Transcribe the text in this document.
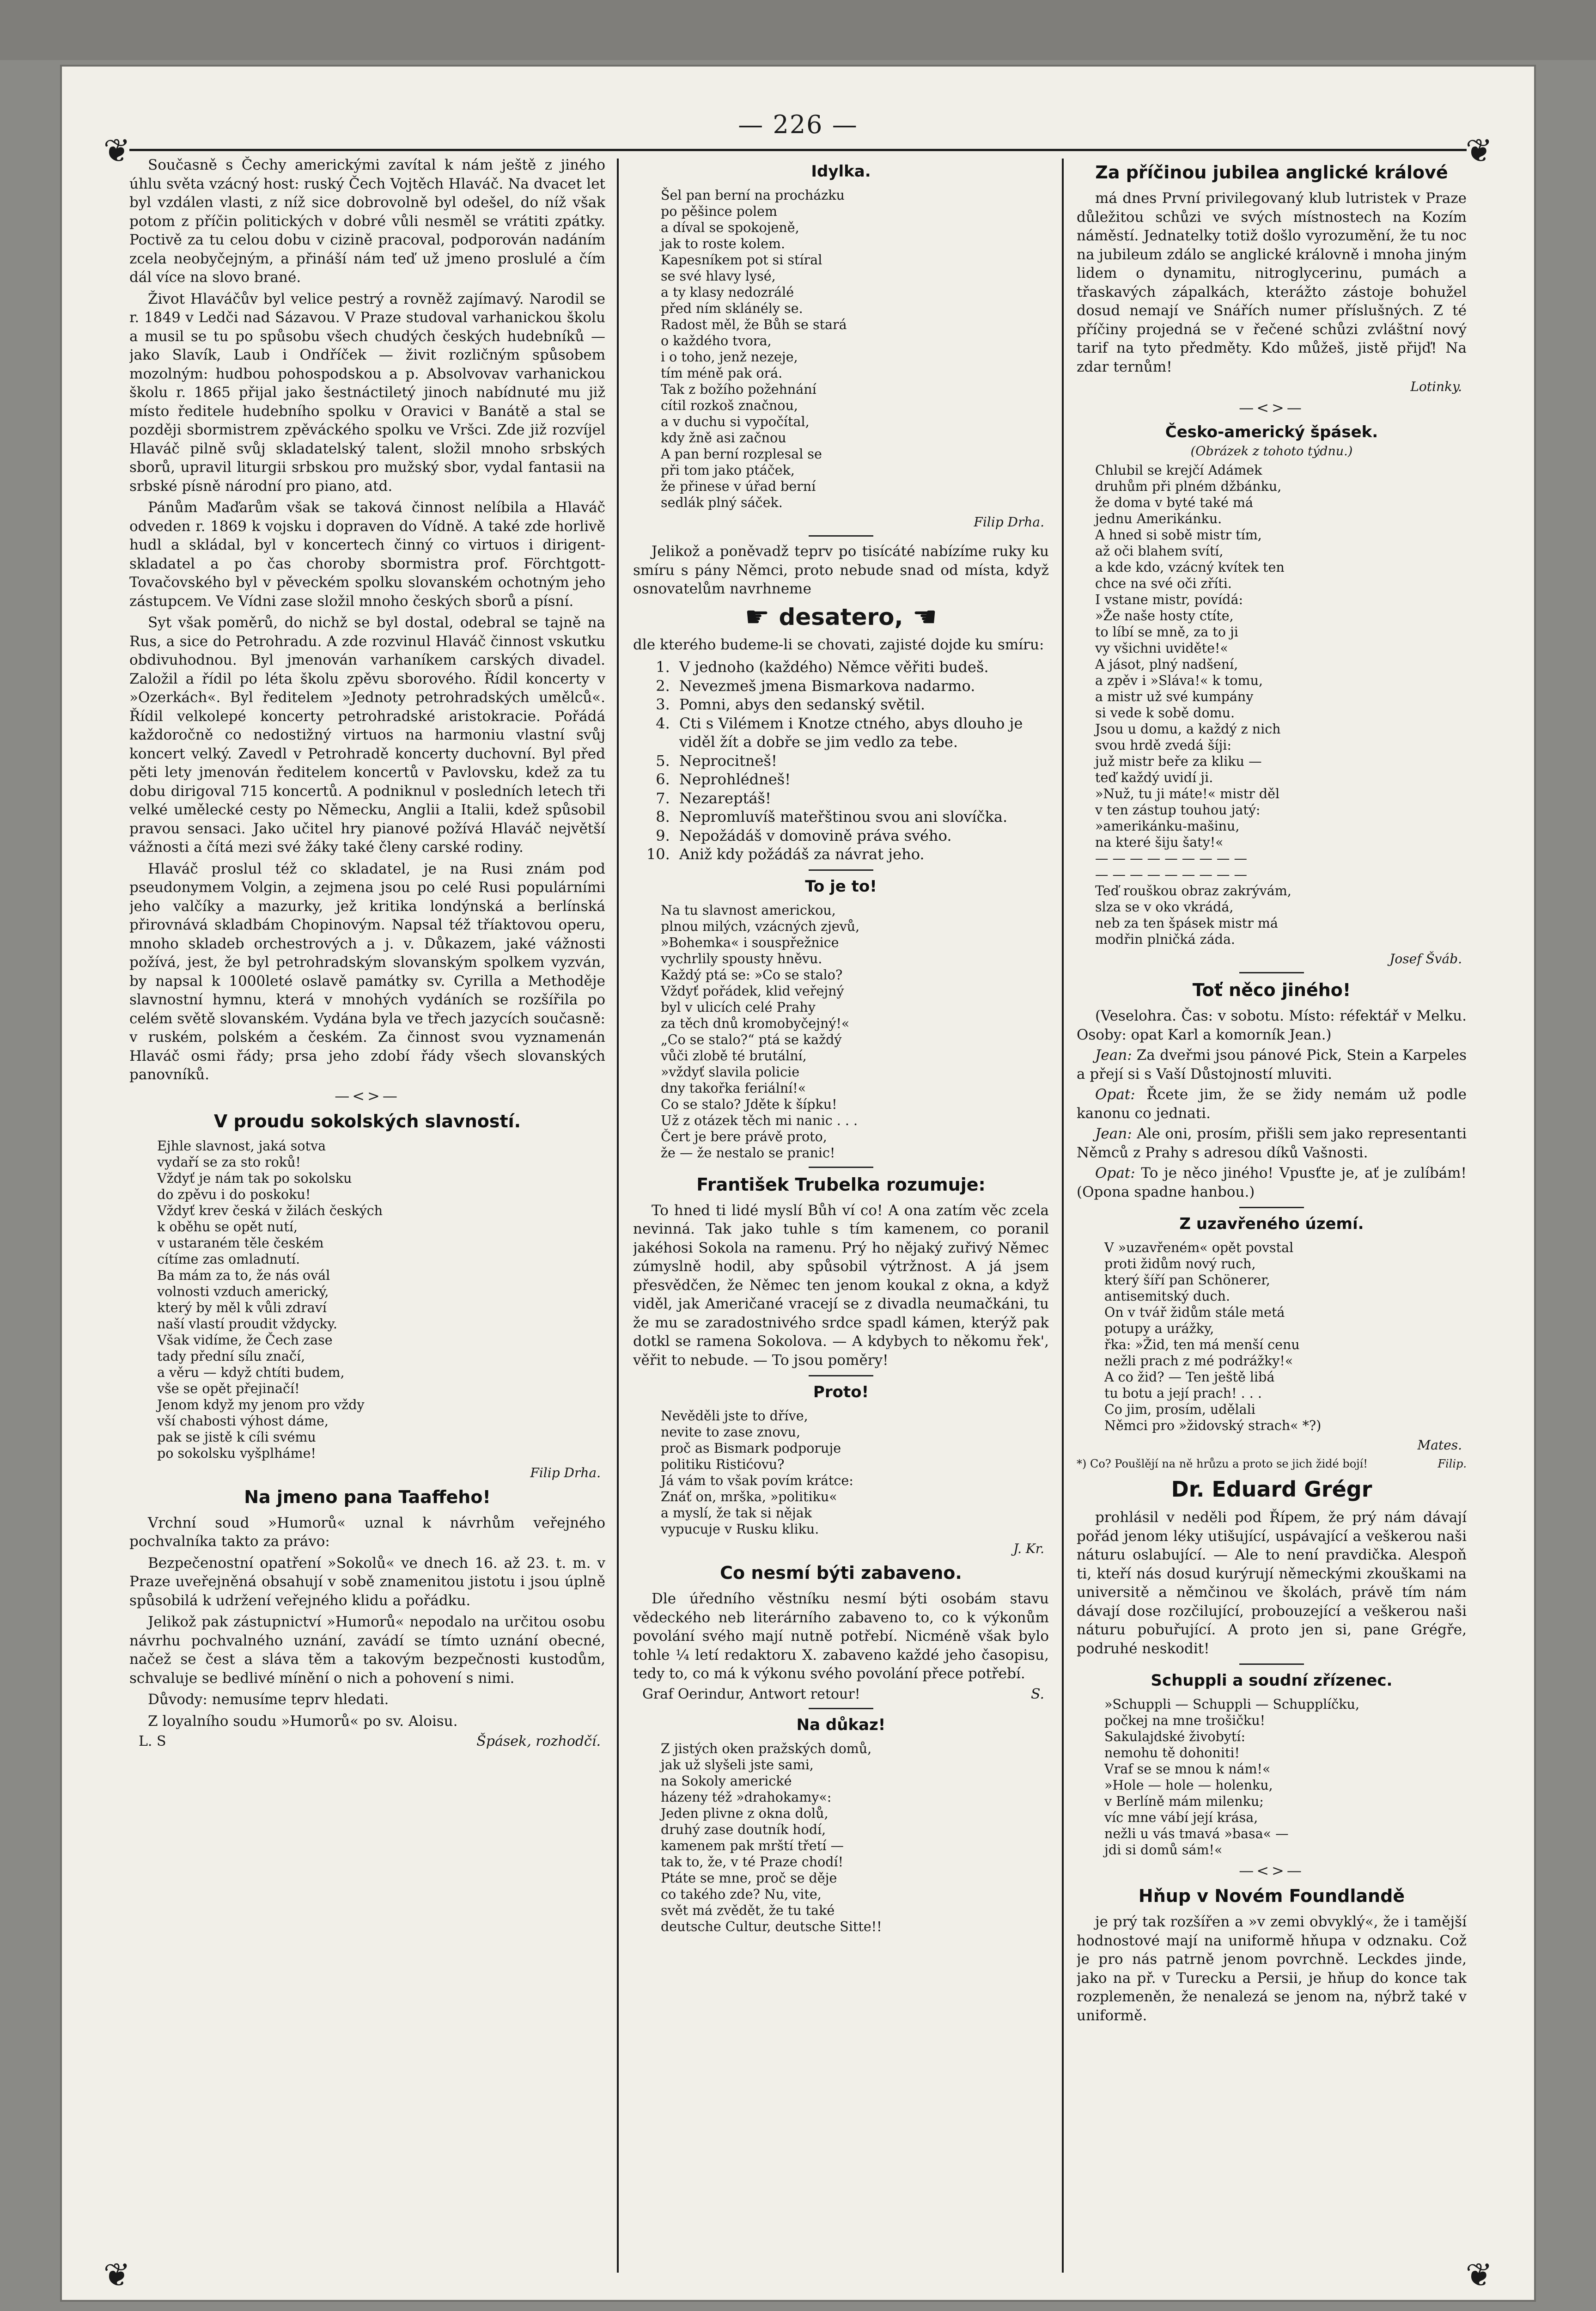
— 226 —
❦	❦
❦	❦

Současně s Čechy americkými zavítal k nám ještě z jiného úhlu světa vzácný host: ruský Čech Vojtěch Hlaváč. Na dvacet let byl vzdálen vlasti, z níž sice dobrovolně byl odešel, do níž však potom z příčin politických v dobré vůli nesměl se vrátiti zpátky. Poctivě za tu celou dobu v cizině pracoval, podporován nadáním zcela neobyčejným, a přináší nám teď už jmeno proslulé a čím dál více na slovo brané.

Život Hlaváčův byl velice pestrý a rovněž zajímavý. Narodil se r. 1849 v Ledči nad Sázavou. V Praze studoval varhanickou školu a musil se tu po spůsobu všech chudých českých hudebníků — jako Slavík, Laub i Ondříček — živit rozličným spůsobem mozolným: hudbou pohospodskou a p. Absolvovav varhanickou školu r. 1865 přijal jako šestnáctiletý jinoch nabídnuté mu již místo ředitele hudebního spolku v Oravici v Banátě a stal se později sbormistrem zpěváckého spolku ve Vršci. Zde již rozvíjel Hlaváč pilně svůj skladatelský talent, složil mnoho srbských sborů, upravil liturgii srbskou pro mužský sbor, vydal fantasii na srbské písně národní pro piano, atd.

Pánům Maďarům však se taková činnost nelíbila a Hlaváč odveden r. 1869 k vojsku i dopraven do Vídně. A také zde horlivě hudl a skládal, byl v koncertech činný co virtuos i dirigent-skladatel a po čas choroby sbormistra prof. Förchtgott-Tovačovského byl v pěveckém spolku slovanském ochotným jeho zástupcem. Ve Vídni zase složil mnoho českých sborů a písní.

Syt však poměrů, do nichž se byl dostal, odebral se tajně na Rus, a sice do Petrohradu. A zde rozvinul Hlaváč činnost vskutku obdivuhodnou. Byl jmenován varhaníkem carských divadel. Založil a řídil po léta školu zpěvu sborového. Řídil koncerty v »Ozerkách«. Byl ředitelem »Jednoty petrohradských umělců«. Řídil velkolepé koncerty petrohradské aristokracie. Pořádá každoročně co nedostižný virtuos na harmoniu vlastní svůj koncert velký. Zavedl v Petrohradě koncerty duchovní. Byl před pěti lety jmenován ředitelem koncertů v Pavlovsku, kdež za tu dobu dirigoval 715 koncertů. A podniknul v posledních letech tři velké umělecké cesty po Německu, Anglii a Italii, kdež spůsobil pravou sensaci. Jako učitel hry pianové požívá Hlaváč největší vážnosti a čítá mezi své žáky také členy carské rodiny.

Hlaváč proslul též co skladatel, je na Rusi znám pod pseudonymem Volgin, a zejmena jsou po celé Rusi populárními jeho valčíky a mazurky, jež kritika londýnská a berlínská přirovnává skladbám Chopinovým. Napsal též tříaktovou operu, mnoho skladeb orchestrových a j. v. Důkazem, jaké vážnosti požívá, jest, že byl petrohradským slovanským spolkem vyzván, by napsal k 1000leté oslavě památky sv. Cyrilla a Methoděje slavnostní hymnu, která v mnohých vydáních se rozšířila po celém světě slovanském. Vydána byla ve třech jazycích současně: v ruském, polském a českém. Za činnost svou vyznamenán Hlaváč osmi řády; prsa jeho zdobí řády všech slovanských panovníků.

—<>—
V proudu sokolských slavností.
Ejhle slavnost, jaká sotva
vydaří se za sto roků!
Vždyť je nám tak po sokolsku
do zpěvu i do poskoku!
Vždyť krev česká v žilách českých
k oběhu se opět nutí,
v ustaraném těle českém
cítíme zas omladnutí.
Ba mám za to, že nás ovál
volnosti vzduch americký,
který by měl k vůli zdraví
naší vlastí proudit vždycky.
Však vidíme, že Čech zase
tady přední sílu značí,
a věru — když chtíti budem,
vše se opět přejinačí!
Jenom když my jenom pro vždy
vší chabosti výhost dáme,
pak se jistě k cíli svému
po sokolsku vyšplháme!
Filip Drha.
Na jmeno pana Taaffeho!

Vrchní soud »Humorů« uznal k návrhům veřejného pochvalníka takto za právo:

Bezpečenostní opatření »Sokolů« ve dnech 16. až 23. t. m. v Praze uveřejněná obsahují v sobě znamenitou jistotu i jsou úplně spůsobilá k udržení veřejného klidu a pořádku.

Jelikož pak zástupnictví »Humorů« nepodalo na určitou osobu návrhu pochvalného uznání, zavádí se tímto uznání obecné, načež se čest a sláva těm a takovým bezpečnosti kustodům, schvaluje se bedlivé mínění o nich a pohovení s nimi.

Důvody: nemusíme teprv hledati.

Z loyalního soudu »Humorů« po sv. Aloisu.

L. S	Špásek, rozhodčí.
Idylka.
Šel pan berní na procházku
po pěšince polem
a díval se spokojeně,
jak to roste kolem.
Kapesníkem pot si stíral
se své hlavy lysé,
a ty klasy nedozrálé
před ním sklánély se.
Radost měl, že Bůh se stará
o každého tvora,
i o toho, jenž nezeje,
tím méně pak orá.
Tak z božího požehnání
cítil rozkoš značnou,
a v duchu si vypočítal,
kdy žně asi začnou
A pan berní rozplesal se
při tom jako ptáček,
že přinese v úřad berní
sedlák plný sáček.
Filip Drha.

Jelikož a poněvadž teprv po tisícáté nabízíme ruky ku smíru s pány Němci, proto nebude snad od místa, když osnovatelům navrhneme

☛ desatero, ☚

dle kterého budeme-li se chovati, zajisté dojde ku smíru:

1. V jednoho (každého) Němce věřiti budeš.
2. Nevezmeš jmena Bismarkova nadarmo.
3. Pomni, abys den sedanský světil.
4. Cti s Vilémem i Knotze ctného, abys dlouho je viděl žít a dobře se jim vedlo za tebe.
5. Neprocitneš!
6. Neprohlédneš!
7. Nezareptáš!
8. Nepromluvíš mateřštinou svou ani slovíčka.
9. Nepožádáš v domovině práva svého.
10. Aniž kdy požádáš za návrat jeho.
To je to!
Na tu slavnost americkou,
plnou milých, vzácných zjevů,
»Bohemka« i souspřežnice
vychrlily spousty hněvu.
Každý ptá se: »Co se stalo?
Vždyť pořádek, klid veřejný
byl v ulicích celé Prahy
za těch dnů kromobyčejný!«
„Co se stalo?“ ptá se každý
vůči zlobě té brutální,
»vždyť slavila policie
dny takořka feriální!«
Co se stalo? Jděte k šípku!
Už z otázek těch mi nanic . . .
Čert je bere právě proto,
že — že nestalo se pranic!
František Trubelka rozumuje:

To hned ti lidé myslí Bůh ví co! A ona zatím věc zcela nevinná. Tak jako tuhle s tím kamenem, co poranil jakéhosi Sokola na ramenu. Prý ho nějaký zuřivý Němec zúmyslně hodil, aby spůsobil výtržnost. A já jsem přesvědčen, že Němec ten jenom koukal z okna, a když viděl, jak Američané vracejí se z divadla neumačkáni, tu že mu se zaradostnivého srdce spadl kámen, kterýž pak dotkl se ramena Sokolova. — A kdybych to někomu řek', věřit to nebude. — To jsou poměry!

Proto!
Nevěděli jste to dříve,
nevite to zase znovu,
proč as Bismark podporuje
politiku Ristićovu?
Já vám to však povím krátce:
Znáť on, mrška, »politiku«
a myslí, že tak si nějak
vypucuje v Rusku kliku.
J. Kr.
Co nesmí býti zabaveno.

Dle úředního věstníku nesmí býti osobám stavu vědeckého neb literárního zabaveno to, co k výkonům povolání svého mají nutně potřebí. Nicméně však bylo tohle ¼ letí redaktoru X. zabaveno každé jeho časopisu, tedy to, co má k výkonu svého povolání přece potřebí.

Graf Oerindur, Antwort retour!	S.
Na důkaz!
Z jistých oken pražských domů,
jak už slyšeli jste sami,
na Sokoly americké
házeny též »drahokamy«:
Jeden plivne z okna dolů,
druhý zase doutník hodí,
kamenem pak mrští třetí —
tak to, že, v té Praze chodí!
Ptáte se mne, proč se děje
co takého zde? Nu, vite,
svět má zvědět, že tu také
deutsche Cultur, deutsche Sitte!!
Za příčinou jubilea anglické králové

má dnes První privilegovaný klub lutristek v Praze důležitou schůzi ve svých místnostech na Kozím náměstí. Jednatelky totiž došlo vyrozumění, že tu noc na jubileum zdálo se anglické královně i mnoha jiným lidem o dynamitu, nitroglycerinu, pumách a třaskavých zápalkách, kterážto zástoje bohužel dosud nemají ve Snářích numer příslušných. Z té příčiny projedná se v řečené schůzi zvláštní nový tarif na tyto předměty. Kdo můžeš, jistě přijď! Na zdar ternům!

Lotinky.
—<>—
Česko-americký špásek.
(Obrázek z tohoto týdnu.)
Chlubil se krejčí Adámek
druhům při plném džbánku,
že doma v byté také má
jednu Amerikánku.
A hned si sobě mistr tím,
až oči blahem svítí,
a kde kdo, vzácný kvítek ten
chce na své oči zříti.
I vstane mistr, povídá:
»Že naše hosty ctíte,
to líbí se mně, za to ji
vy všichni uviděte!«
A jásot, plný nadšení,
a zpěv i »Sláva!« k tomu,
a mistr už své kumpány
si vede k sobě domu.
Jsou u domu, a každý z nich
svou hrdě zvedá šíji:
juž mistr beře za kliku —
teď každý uvidí ji.
»Nuž, tu ji máte!« mistr děl
v ten zástup touhou jatý:
»amerikánku-mašinu,
na které šiju šaty!«
— — — — — — — — —
— — — — — — — — —
Teď rouškou obraz zakrývám,
slza se v oko vkrádá,
neb za ten špásek mistr má
modřin plničká záda.
Josef Šváb.
Toť něco jiného!
(Veselohra. Čas: v sobotu. Místo: réfektář v Melku. Osoby: opat Karl a komorník Jean.)
Jean: Za dveřmi jsou pánové Pick, Stein a Karpeles a přejí si s Vaší Důstojností mluviti.
Opat: Řcete jim, že se židy nemám už podle kanonu co jednati.
Jean: Ale oni, prosím, přišli sem jako representanti Němců z Prahy s adresou díků Vašnosti.
Opat: To je něco jiného! Vpusťte je, ať je zulíbám! (Opona spadne hanbou.)
Z uzavřeného území.
V »uzavřeném« opět povstal
proti židům nový ruch,
který šíří pan Schönerer,
antisemitský duch.
On v tvář židům stále metá
potupy a urážky,
řka: »Žid, ten má menší cenu
nežli prach z mé podrážky!«
A co žid? — Ten ještě libá
tu botu a její prach! . . .
Co jim, prosím, udělali
Němci pro »židovský strach« *?)
Mates.
*) Co? Poušlějí na ně hrůzu a proto se jich židé bojí!	Filip.
Dr. Eduard Grégr

prohlásil v neděli pod Řípem, že prý nám dávají pořád jenom léky utišující, uspávající a veškerou naši náturu oslabující. — Ale to není pravdička. Alespoň ti, kteří nás dosud kurýrují německými zkouškami na universitě a němčinou ve školách, právě tím nám dávají dose rozčilující, probouzející a veškerou naši náturu pobuřující. A proto jen si, pane Grégře, podruhé neskodit!

Schuppli a soudní zřízenec.
»Schuppli — Schuppli — Schupplíčku,
počkej na mne trošičku!
Sakulajdské živobytí:
nemohu tě dohoniti!
Vraf se se mnou k nám!«
»Hole — hole — holenku,
v Berlíně mám milenku;
víc mne vábí její krása,
nežli u vás tmavá »basa« —
jdi si domů sám!«
—<>—
Hňup v Novém Foundlandě

je prý tak rozšířen a »v zemi obvyklý«, že i tamější hodnostové mají na uniformě hňupa v odznaku. Což je pro nás patrně jenom povrchně. Leckdes jinde, jako na př. v Turecku a Persii, je hňup do konce tak rozplemeněn, že nenalezá se jenom na, nýbrž také v uniformě.
